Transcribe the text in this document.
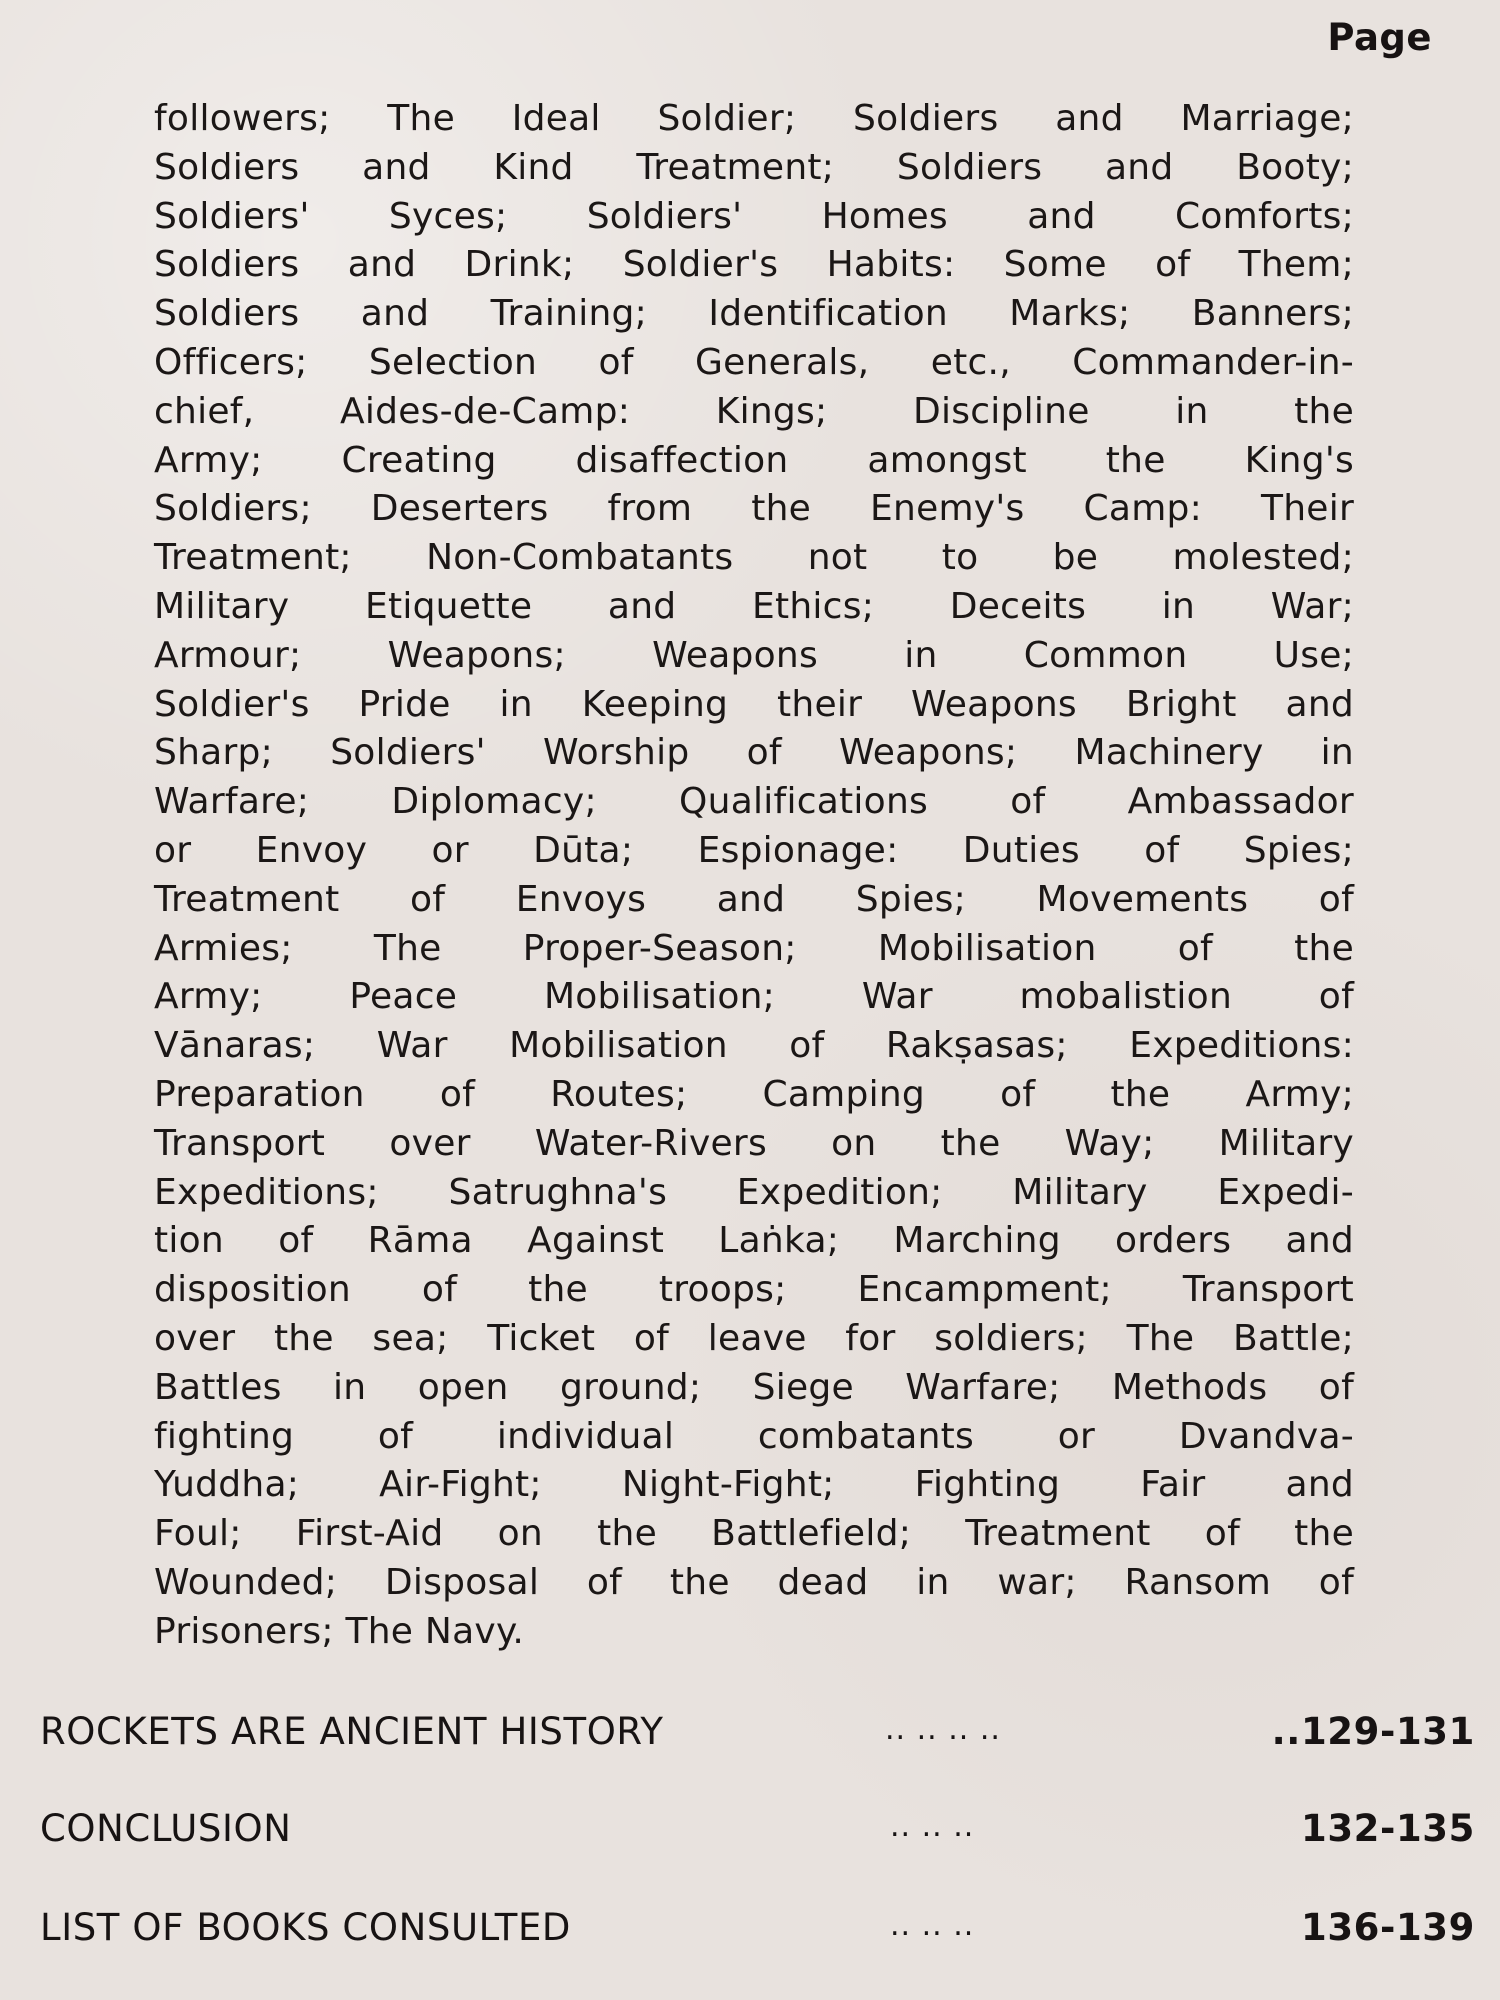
Page
followers; The Ideal Soldier; Soldiers and Marriage;
Soldiers and Kind Treatment; Soldiers and Booty;
Soldiers' Syces; Soldiers' Homes and Comforts;
Soldiers and Drink; Soldier's Habits: Some of Them;
Soldiers and Training; Identification Marks; Banners;
Officers; Selection of Generals, etc., Commander-in-
chief, Aides-de-Camp: Kings; Discipline in the
Army; Creating disaffection amongst the King's
Soldiers; Deserters from the Enemy's Camp: Their
Treatment; Non-Combatants not to be molested;
Military Etiquette and Ethics; Deceits in War;
Armour; Weapons; Weapons in Common Use;
Soldier's Pride in Keeping their Weapons Bright and
Sharp; Soldiers' Worship of Weapons; Machinery in
Warfare; Diplomacy; Qualifications of Ambassador
or Envoy or Dūta; Espionage: Duties of Spies;
Treatment of Envoys and Spies; Movements of
Armies; The Proper-Season; Mobilisation of the
Army; Peace Mobilisation; War mobalistion of
Vānaras; War Mobilisation of Rakṣasas; Expeditions:
Preparation of Routes; Camping of the Army;
Transport over Water-Rivers on the Way; Military
Expeditions; Satrughna's Expedition; Military Expedi-
tion of Rāma Against Laṅka; Marching orders and
disposition of the troops; Encampment; Transport
over the sea; Ticket of leave for soldiers; The Battle;
Battles in open ground; Siege Warfare; Methods of
fighting of individual combatants or Dvandva-
Yuddha; Air-Fight; Night-Fight; Fighting Fair and
Foul; First-Aid on the Battlefield; Treatment of the
Wounded; Disposal of the dead in war; Ransom of
Prisoners; The Navy.
ROCKETS ARE ANCIENT HISTORY	.. .. .. ..	..129-131
CONCLUSION	.. .. ..	132-135
LIST OF BOOKS CONSULTED	.. .. ..	136-139
